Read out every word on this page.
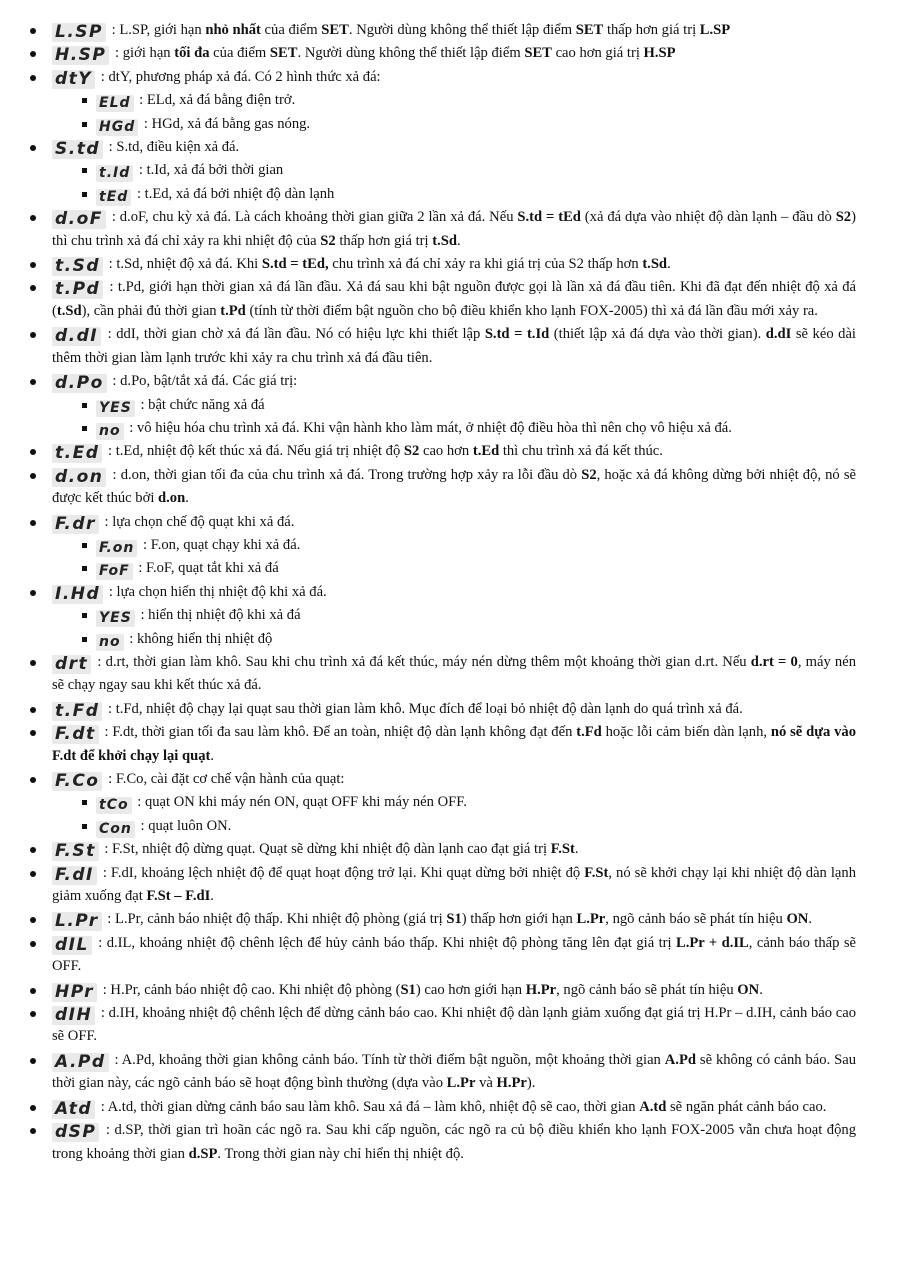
L.SP : L.SP, giới hạn nhỏ nhất của điểm SET. Người dùng không thể thiết lập điểm SET thấp hơn giá trị L.SP
H.SP : giới hạn tối đa của điểm SET. Người dùng không thể thiết lập điểm SET cao hơn giá trị H.SP
dtY : dtY, phương pháp xả đá. Có 2 hình thức xả đá:
ELd : ELd, xả đá bằng điện trở.
HGd : HGd, xả đá bằng gas nóng.
S.td : S.td, điều kiện xả đá.
t.Id : t.Id, xả đá bởi thời gian
tEd : t.Ed, xả đá bởi nhiệt độ dàn lạnh
d.oF : d.oF, chu kỳ xả đá. Là cách khoảng thời gian giữa 2 lần xả đá. Nếu S.td = tEd (xả đá dựa vào nhiệt độ dàn lạnh – đầu dò S2) thì chu trình xả đá chỉ xảy ra khi nhiệt độ của S2 thấp hơn giá trị t.Sd.
t.Sd : t.Sd, nhiệt độ xả đá. Khi S.td = tEd, chu trình xả đá chỉ xảy ra khi giá trị của S2 thấp hơn t.Sd.
t.Pd : t.Pd, giới hạn thời gian xả đá lần đầu. Xả đá sau khi bật nguồn được gọi là lần xả đá đầu tiên. Khi đã đạt đến nhiệt độ xả đá (t.Sd), cần phải đủ thời gian t.Pd (tính từ thời điểm bật nguồn cho bộ điều khiển kho lạnh FOX-2005) thì xả đá lần đầu mới xảy ra.
d.dI : ddI, thời gian chờ xả đá lần đầu. Nó có hiệu lực khi thiết lập S.td = t.Id (thiết lập xả đá dựa vào thời gian). d.dI sẽ kéo dài thêm thời gian làm lạnh trước khi xảy ra chu trình xả đá đầu tiên.
d.Po : d.Po, bật/tắt xả đá. Các giá trị:
YES : bật chức năng xả đá
no : vô hiệu hóa chu trình xả đá. Khi vận hành kho làm mát, ở nhiệt độ điều hòa thì nên chọ vô hiệu xả đá.
t.Ed : t.Ed, nhiệt độ kết thúc xả đá. Nếu giá trị nhiệt độ S2 cao hơn t.Ed thì chu trình xả đá kết thúc.
d.on : d.on, thời gian tối đa của chu trình xả đá. Trong trường hợp xảy ra lỗi đầu dò S2, hoặc xả đá không dừng bởi nhiệt độ, nó sẽ được kết thúc bởi d.on.
F.dr : lựa chọn chế độ quạt khi xả đá.
F.on : F.on, quạt chạy khi xả đá.
FoF : F.oF, quạt tắt khi xả đá
I.Hd : lựa chọn hiển thị nhiệt độ khi xả đá.
YES : hiển thị nhiệt độ khi xả đá
no : không hiển thị nhiệt độ
drt : d.rt, thời gian làm khô. Sau khi chu trình xả đá kết thúc, máy nén dừng thêm một khoảng thời gian d.rt. Nếu d.rt = 0, máy nén sẽ chạy ngay sau khi kết thúc xả đá.
t.Fd : t.Fd, nhiệt độ chạy lại quạt sau thời gian làm khô. Mục đích để loại bỏ nhiệt độ dàn lạnh do quá trình xả đá.
F.dt : F.dt, thời gian tối đa sau làm khô. Để an toàn, nhiệt độ dàn lạnh không đạt đến t.Fd hoặc lỗi cảm biến dàn lạnh, nó sẽ dựa vào F.dt để khởi chạy lại quạt.
F.Co : F.Co, cài đặt cơ chế vận hành của quạt:
tCo : quạt ON khi máy nén ON, quạt OFF khi máy nén OFF.
Con : quạt luôn ON.
F.St : F.St, nhiệt độ dừng quạt. Quạt sẽ dừng khi nhiệt độ dàn lạnh cao đạt giá trị F.St.
F.dI : F.dI, khoảng lệch nhiệt độ để quạt hoạt động trở lại. Khi quạt dừng bởi nhiệt độ F.St, nó sẽ khởi chạy lại khi nhiệt độ dàn lạnh giảm xuống đạt F.St – F.dI.
L.Pr : L.Pr, cảnh báo nhiệt độ thấp. Khi nhiệt độ phòng (giá trị S1) thấp hơn giới hạn L.Pr, ngõ cảnh báo sẽ phát tín hiệu ON.
dIL : d.IL, khoảng nhiệt độ chênh lệch để hủy cảnh báo thấp. Khi nhiệt độ phòng tăng lên đạt giá trị L.Pr + d.IL, cảnh báo thấp sẽ OFF.
HPr : H.Pr, cảnh báo nhiệt độ cao. Khi nhiệt độ phòng (S1) cao hơn giới hạn H.Pr, ngõ cảnh báo sẽ phát tín hiệu ON.
dIH : d.IH, khoảng nhiệt độ chênh lệch để dừng cảnh báo cao. Khi nhiệt độ dàn lạnh giảm xuống đạt giá trị H.Pr – d.IH, cảnh báo cao sẽ OFF.
A.Pd : A.Pd, khoảng thời gian không cảnh báo. Tính từ thời điểm bật nguồn, một khoảng thời gian A.Pd sẽ không có cảnh báo. Sau thời gian này, các ngõ cảnh báo sẽ hoạt động bình thường (dựa vào L.Pr và H.Pr).
Atd : A.td, thời gian dừng cảnh báo sau làm khô. Sau xả đá – làm khô, nhiệt độ sẽ cao, thời gian A.td sẽ ngăn phát cảnh báo cao.
dSP : d.SP, thời gian trì hoãn các ngõ ra. Sau khi cấp nguồn, các ngõ ra củ bộ điều khiển kho lạnh FOX-2005 vẫn chưa hoạt động trong khoảng thời gian d.SP. Trong thời gian này chỉ hiển thị nhiệt độ.
